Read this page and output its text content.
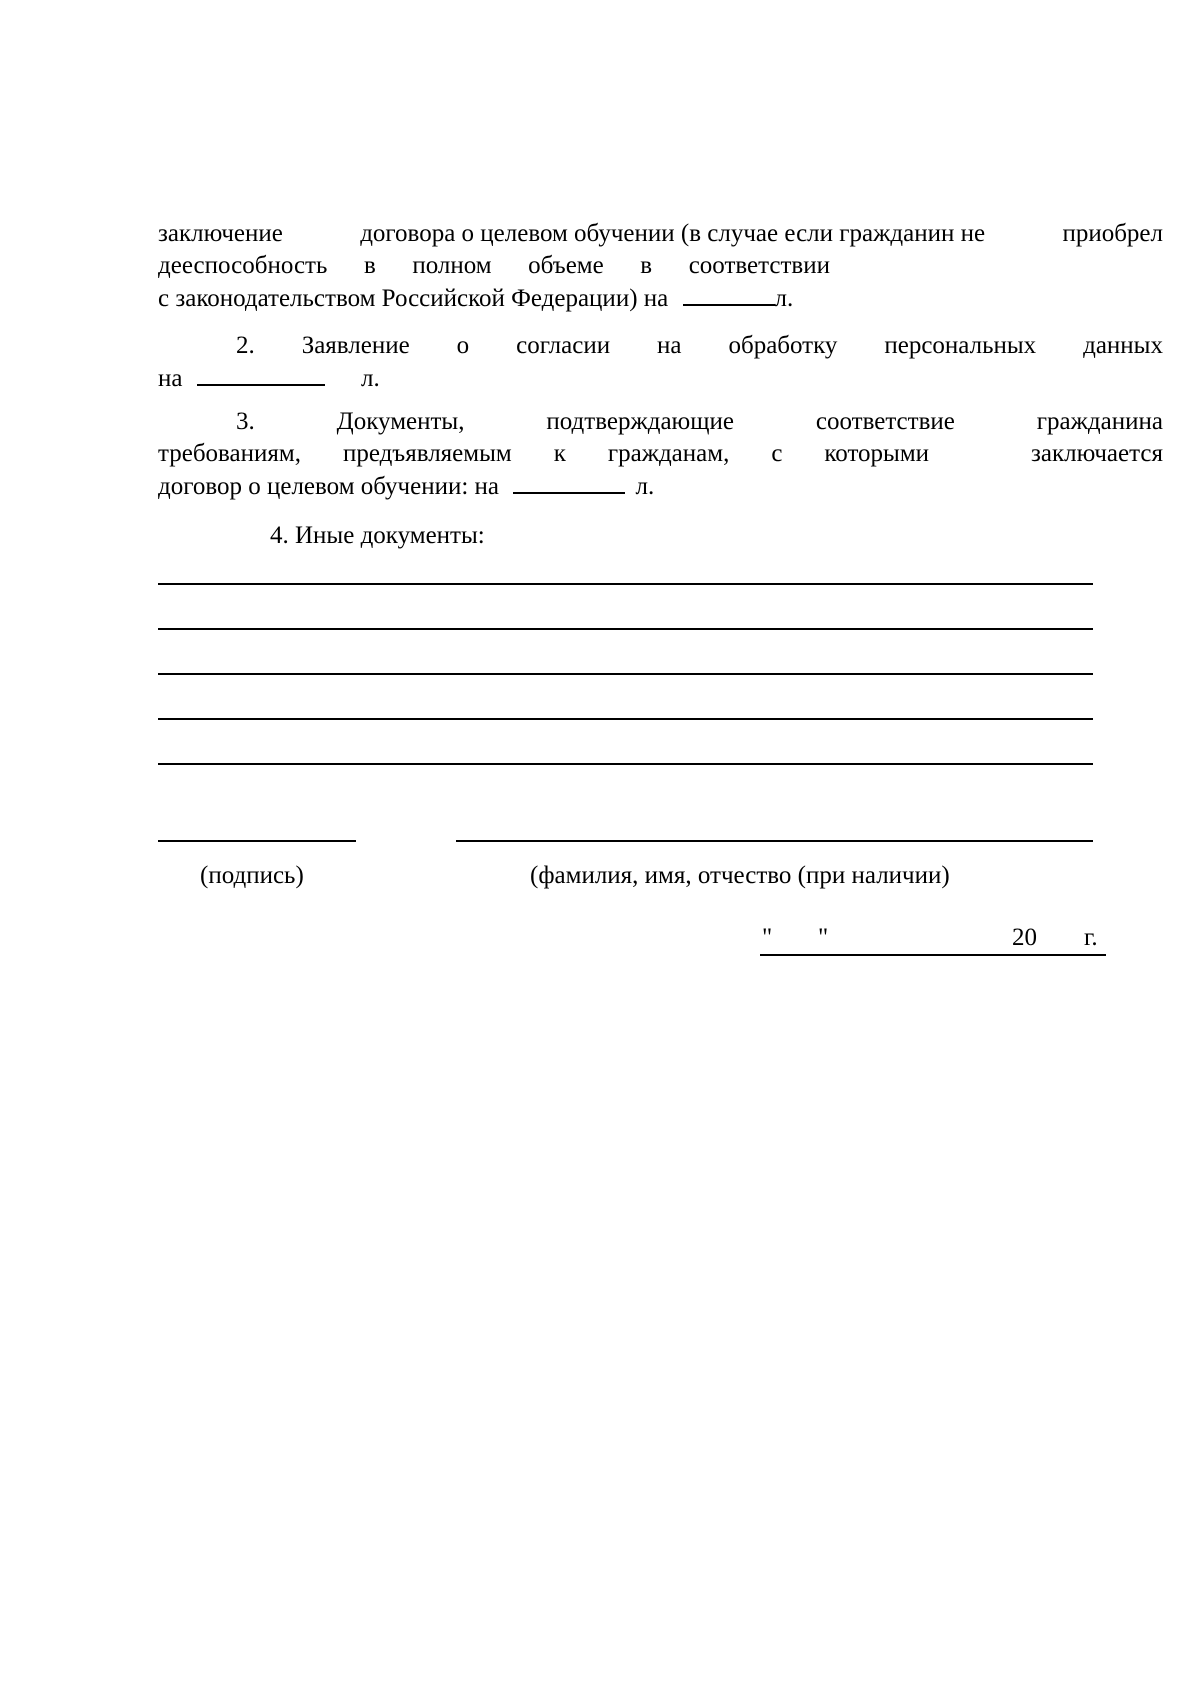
заключение	договора о целевом обучении (в случае если гражданин не	приобрел
дееспособность в полном объеме в соответствии
с законодательством Российской Федерации) на	л.
2. Заявление о согласии на обработку персональных данных
на	л.
3.	Документы,	подтверждающие	соответствие	гражданина
требованиям, предъявляемым к гражданам, с которыми	заключается
договор о целевом обучении: на	л.
4. Иные документы:
(подпись)	(фамилия, имя, отчество (при наличии)
" "	20 г.
